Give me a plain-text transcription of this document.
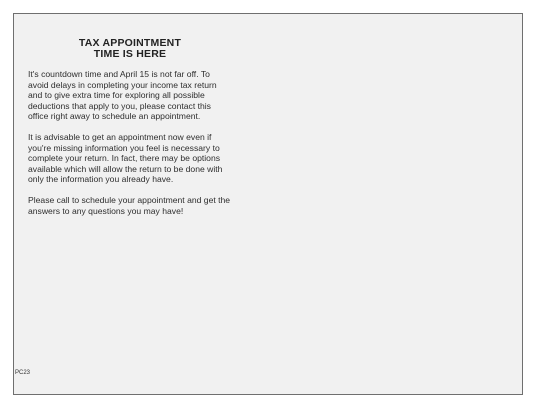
TAX APPOINTMENT
TIME IS HERE

It's countdown time and April 15 is not far off. To avoid delays in completing your income tax return and to give extra time for exploring all possible deductions that apply to you, please contact this office right away to schedule an appointment.

It is advisable to get an appointment now even if you're missing information you feel is necessary to complete your return. In fact, there may be options available which will allow the return to be done with only the information you already have.

Please call to schedule your appointment and get the answers to any questions you may have!

PC23
